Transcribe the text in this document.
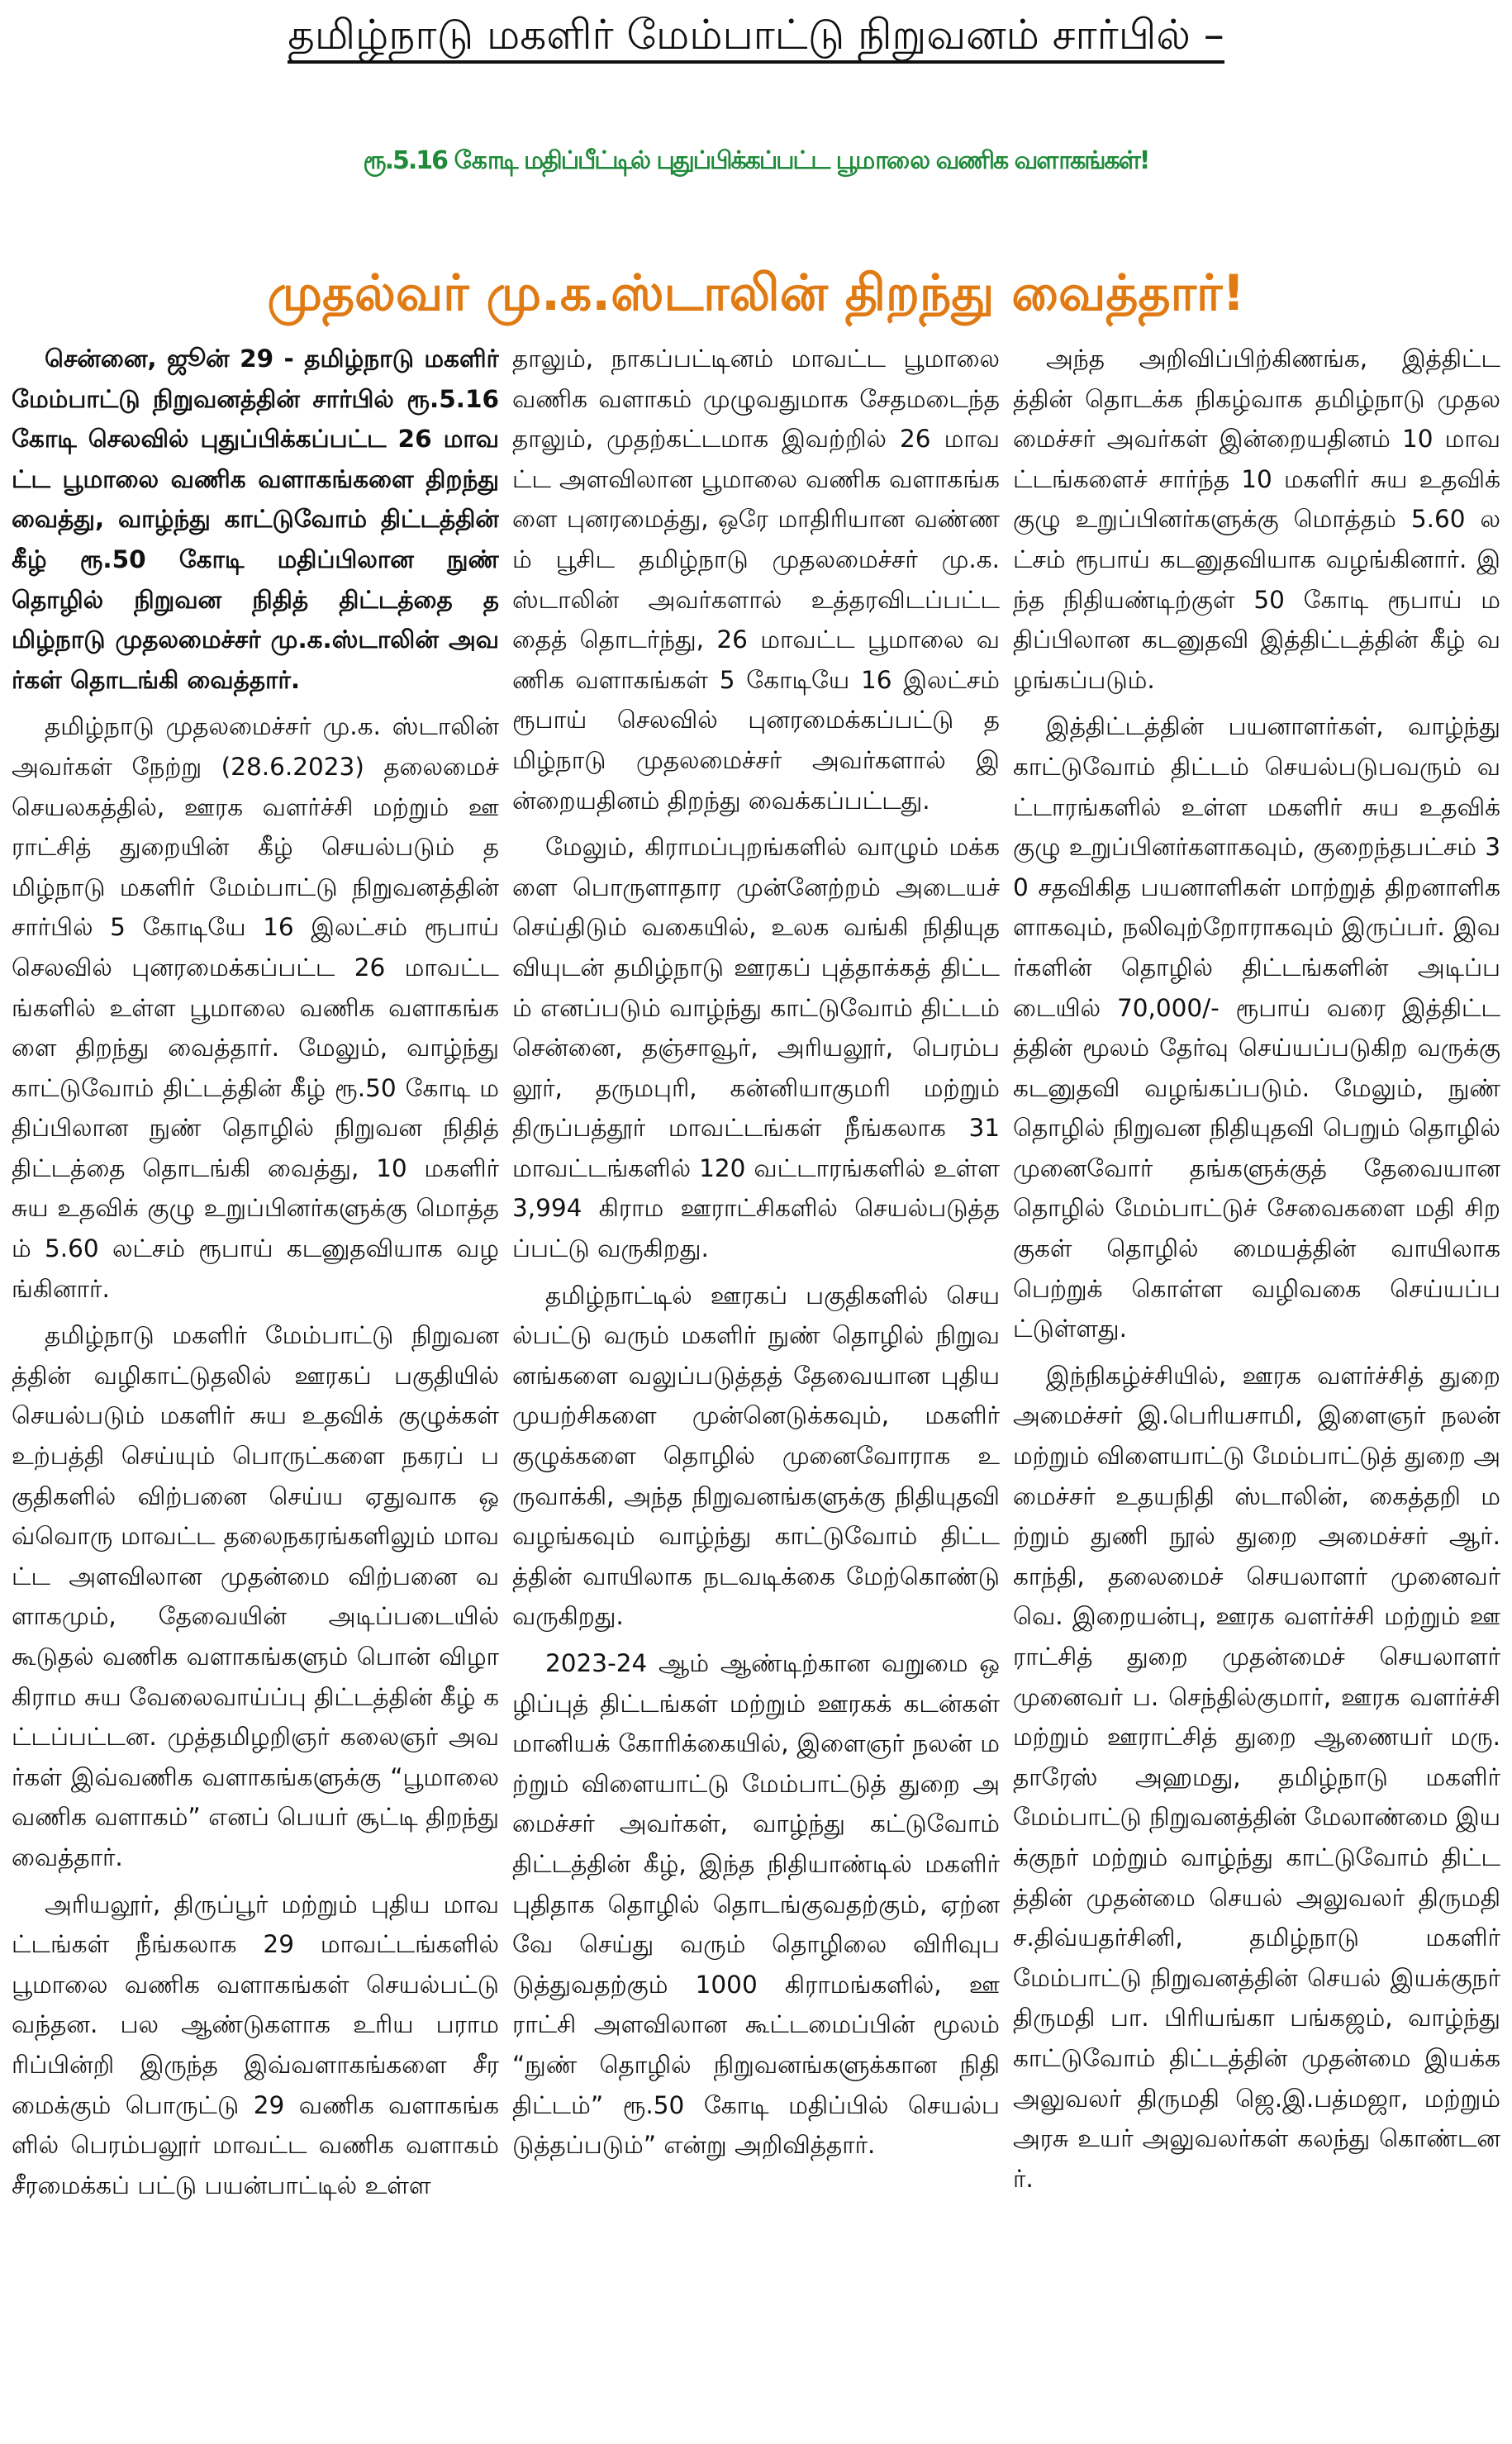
தமிழ்நாடு மகளிர் மேம்பாட்டு நிறுவனம் சார்பில் –
ரூ.5.16 கோடி மதிப்பீட்டில் புதுப்பிக்கப்பட்ட பூமாலை வணிக வளாகங்கள்!
முதல்வர் மு.க.ஸ்டாலின் திறந்து வைத்தார்!

சென்னை, ஜூன் 29 - தமிழ்நாடு மகளிர் மேம்பாட்டு நிறுவனத்தின் சார்பில் ரூ.5.16 கோடி செலவில் புதுப்பிக்கப்பட்ட 26 மாவட்ட பூமாலை வணிக வளாகங்களை திறந்து வைத்து, வாழ்ந்து காட்டுவோம் திட்டத்தின் கீழ் ரூ.50 கோடி மதிப்பிலான நுண் தொழில் நிறுவன நிதித் திட்டத்தை தமிழ்நாடு முதலமைச்சர் மு.க.ஸ்டாலின் அவர்கள் தொடங்கி வைத்தார்.

தமிழ்நாடு முதலமைச்சர் மு.க. ஸ்டாலின் அவர்கள் நேற்று (28.6.2023) தலைமைச் செயலகத்தில், ஊரக வளர்ச்சி மற்றும் ஊராட்சித் துறையின் கீழ் செயல்படும் தமிழ்நாடு மகளிர் மேம்பாட்டு நிறுவனத்தின் சார்பில் 5 கோடியே 16 இலட்சம் ரூபாய் செலவில் புனரமைக்கப்பட்ட 26 மாவட்டங்களில் உள்ள பூமாலை வணிக வளாகங்களை திறந்து வைத்தார். மேலும், வாழ்ந்து காட்டுவோம் திட்டத்தின் கீழ் ரூ.50 கோடி மதிப்பிலான நுண் தொழில் நிறுவன நிதித் திட்டத்தை தொடங்கி வைத்து, 10 மகளிர் சுய உதவிக் குழு உறுப்பினர்களுக்கு மொத்தம் 5.60 லட்சம் ரூபாய் கடனுதவியாக வழங்கினார்.

தமிழ்நாடு மகளிர் மேம்பாட்டு நிறுவனத்தின் வழிகாட்டுதலில் ஊரகப் பகுதியில் செயல்படும் மகளிர் சுய உதவிக் குழுக்கள் உற்பத்தி செய்யும் பொருட்களை நகரப் பகுதிகளில் விற்பனை செய்ய ஏதுவாக ஒவ்வொரு மாவட்ட தலைநகரங்களிலும் மாவட்ட அளவிலான முதன்மை விற்பனை வளாகமும், தேவையின் அடிப்படையில் கூடுதல் வணிக வளாகங்களும் பொன் விழா கிராம சுய வேலைவாய்ப்பு திட்டத்தின் கீழ் கட்டப்பட்டன. முத்தமிழறிஞர் கலைஞர் அவர்கள் இவ்வணிக வளாகங்களுக்கு “பூமாலை வணிக வளாகம்” எனப் பெயர் சூட்டி திறந்து வைத்தார்.

அரியலூர், திருப்பூர் மற்றும் புதிய மாவட்டங்கள் நீங்கலாக 29 மாவட்டங்களில் பூமாலை வணிக வளாகங்கள் செயல்பட்டு வந்தன. பல ஆண்டுகளாக உரிய பராமரிப்பின்றி இருந்த இவ்வளாகங்களை சீரமைக்கும் பொருட்டு 29 வணிக வளாகங்களில் பெரம்பலூர் மாவட்ட வணிக வளாகம் சீரமைக்கப் பட்டு பயன்பாட்டில் உள்ள

தாலும், நாகப்பட்டினம் மாவட்ட பூமாலை வணிக வளாகம் முழுவதுமாக சேதமடைந்ததாலும், முதற்கட்டமாக இவற்றில் 26 மாவட்ட அளவிலான பூமாலை வணிக வளாகங்களை புனரமைத்து, ஒரே மாதிரியான வண்ணம் பூசிட தமிழ்நாடு முதலமைச்சர் மு.க. ஸ்டாலின் அவர்களால் உத்தரவிடப்பட்டதைத் தொடர்ந்து, 26 மாவட்ட பூமாலை வணிக வளாகங்கள் 5 கோடியே 16 இலட்சம் ரூபாய் செலவில் புனரமைக்கப்பட்டு தமிழ்நாடு முதலமைச்சர் அவர்களால் இன்றையதினம் திறந்து வைக்கப்பட்டது.

மேலும், கிராமப்புறங்களில் வாழும் மக்களை பொருளாதார முன்னேற்றம் அடையச் செய்திடும் வகையில், உலக வங்கி நிதியுதவியுடன் தமிழ்நாடு ஊரகப் புத்தாக்கத் திட்டம் எனப்படும் வாழ்ந்து காட்டுவோம் திட்டம் சென்னை, தஞ்சாவூர், அரியலூர், பெரம்பலூர், தருமபுரி, கன்னியாகுமரி மற்றும் திருப்பத்தூர் மாவட்டங்கள் நீங்கலாக 31 மாவட்டங்களில் 120 வட்டாரங்களில் உள்ள 3,994 கிராம ஊராட்சிகளில் செயல்படுத்தப்பட்டு வருகிறது.

தமிழ்நாட்டில் ஊரகப் பகுதிகளில் செயல்பட்டு வரும் மகளிர் நுண் தொழில் நிறுவனங்களை வலுப்படுத்தத் தேவையான புதிய முயற்சிகளை முன்னெடுக்கவும், மகளிர் குழுக்களை தொழில் முனைவோராக உருவாக்கி, அந்த நிறுவனங்களுக்கு நிதியுதவி வழங்கவும் வாழ்ந்து காட்டுவோம் திட்டத்தின் வாயிலாக நடவடிக்கை மேற்கொண்டு வருகிறது.

2023-24 ஆம் ஆண்டிற்கான வறுமை ஒழிப்புத் திட்டங்கள் மற்றும் ஊரகக் கடன்கள் மானியக் கோரிக்கையில், இளைஞர் நலன் மற்றும் விளையாட்டு மேம்பாட்டுத் துறை அமைச்சர் அவர்கள், வாழ்ந்து கட்டுவோம் திட்டத்தின் கீழ், இந்த நிதியாண்டில் மகளிர் புதிதாக தொழில் தொடங்குவதற்கும், ஏற்னவே செய்து வரும் தொழிலை விரிவுபடுத்துவதற்கும் 1000 கிராமங்களில், ஊராட்சி அளவிலான கூட்டமைப்பின் மூலம் “நுண் தொழில் நிறுவனங்களுக்கான நிதி திட்டம்” ரூ.50 கோடி மதிப்பில் செயல்படுத்தப்படும்” என்று அறிவித்தார்.

அந்த அறிவிப்பிற்கிணங்க, இத்திட்டத்தின் தொடக்க நிகழ்வாக தமிழ்நாடு முதலமைச்சர் அவர்கள் இன்றையதினம் 10 மாவட்டங்களைச் சார்ந்த 10 மகளிர் சுய உதவிக் குழு உறுப்பினர்களுக்கு மொத்தம் 5.60 லட்சம் ரூபாய் கடனுதவியாக வழங்கினார். இந்த நிதியண்டிற்குள் 50 கோடி ரூபாய் மதிப்பிலான கடனுதவி இத்திட்டத்தின் கீழ் வழங்கப்படும்.

இத்திட்டத்தின் பயனாளர்கள், வாழ்ந்து காட்டுவோம் திட்டம் செயல்படுபவரும் வட்டாரங்களில் உள்ள மகளிர் சுய உதவிக் குழு உறுப்பினர்களாகவும், குறைந்தபட்சம் 30 சதவிகித பயனாளிகள் மாற்றுத் திறனாளிகளாகவும், நலிவுற்றோராகவும் இருப்பர். இவர்களின் தொழில் திட்டங்களின் அடிப்படையில் 70,000/- ரூபாய் வரை இத்திட்டத்தின் மூலம் தேர்வு செய்யப்படுகிற வருக்கு கடனுதவி வழங்கப்படும். மேலும், நுண் தொழில் நிறுவன நிதியுதவி பெறும் தொழில் முனைவோர் தங்களுக்குத் தேவையான தொழில் மேம்பாட்டுச் சேவைகளை மதி சிறகுகள் தொழில் மையத்தின் வாயிலாக பெற்றுக் கொள்ள வழிவகை செய்யப்பட்டுள்ளது.

இந்நிகழ்ச்சியில், ஊரக வளர்ச்சித் துறை அமைச்சர் இ.பெரியசாமி, இளைஞர் நலன் மற்றும் விளையாட்டு மேம்பாட்டுத் துறை அமைச்சர் உதயநிதி ஸ்டாலின், கைத்தறி மற்றும் துணி நூல் துறை அமைச்சர் ஆர். காந்தி, தலைமைச் செயலாளர் முனைவர் வெ. இறையன்பு, ஊரக வளர்ச்சி மற்றும் ஊராட்சித் துறை முதன்மைச் செயலாளர் முனைவர் ப. செந்தில்குமார், ஊரக வளர்ச்சி மற்றும் ஊராட்சித் துறை ஆணையர் மரு. தாரேஸ் அஹமது, தமிழ்நாடு மகளிர் மேம்பாட்டு நிறுவனத்தின் மேலாண்மை இயக்குநர் மற்றும் வாழ்ந்து காட்டுவோம் திட்டத்தின் முதன்மை செயல் அலுவலர் திருமதி ச.திவ்யதர்சினி, தமிழ்நாடு மகளிர் மேம்பாட்டு நிறுவனத்தின் செயல் இயக்குநர் திருமதி பா. பிரியங்கா பங்கஜம், வாழ்ந்து காட்டுவோம் திட்டத்தின் முதன்மை இயக்க அலுவலர் திருமதி ஜெ.இ.பத்மஜா, மற்றும் அரசு உயர் அலுவலர்கள் கலந்து கொண்டனர்.
